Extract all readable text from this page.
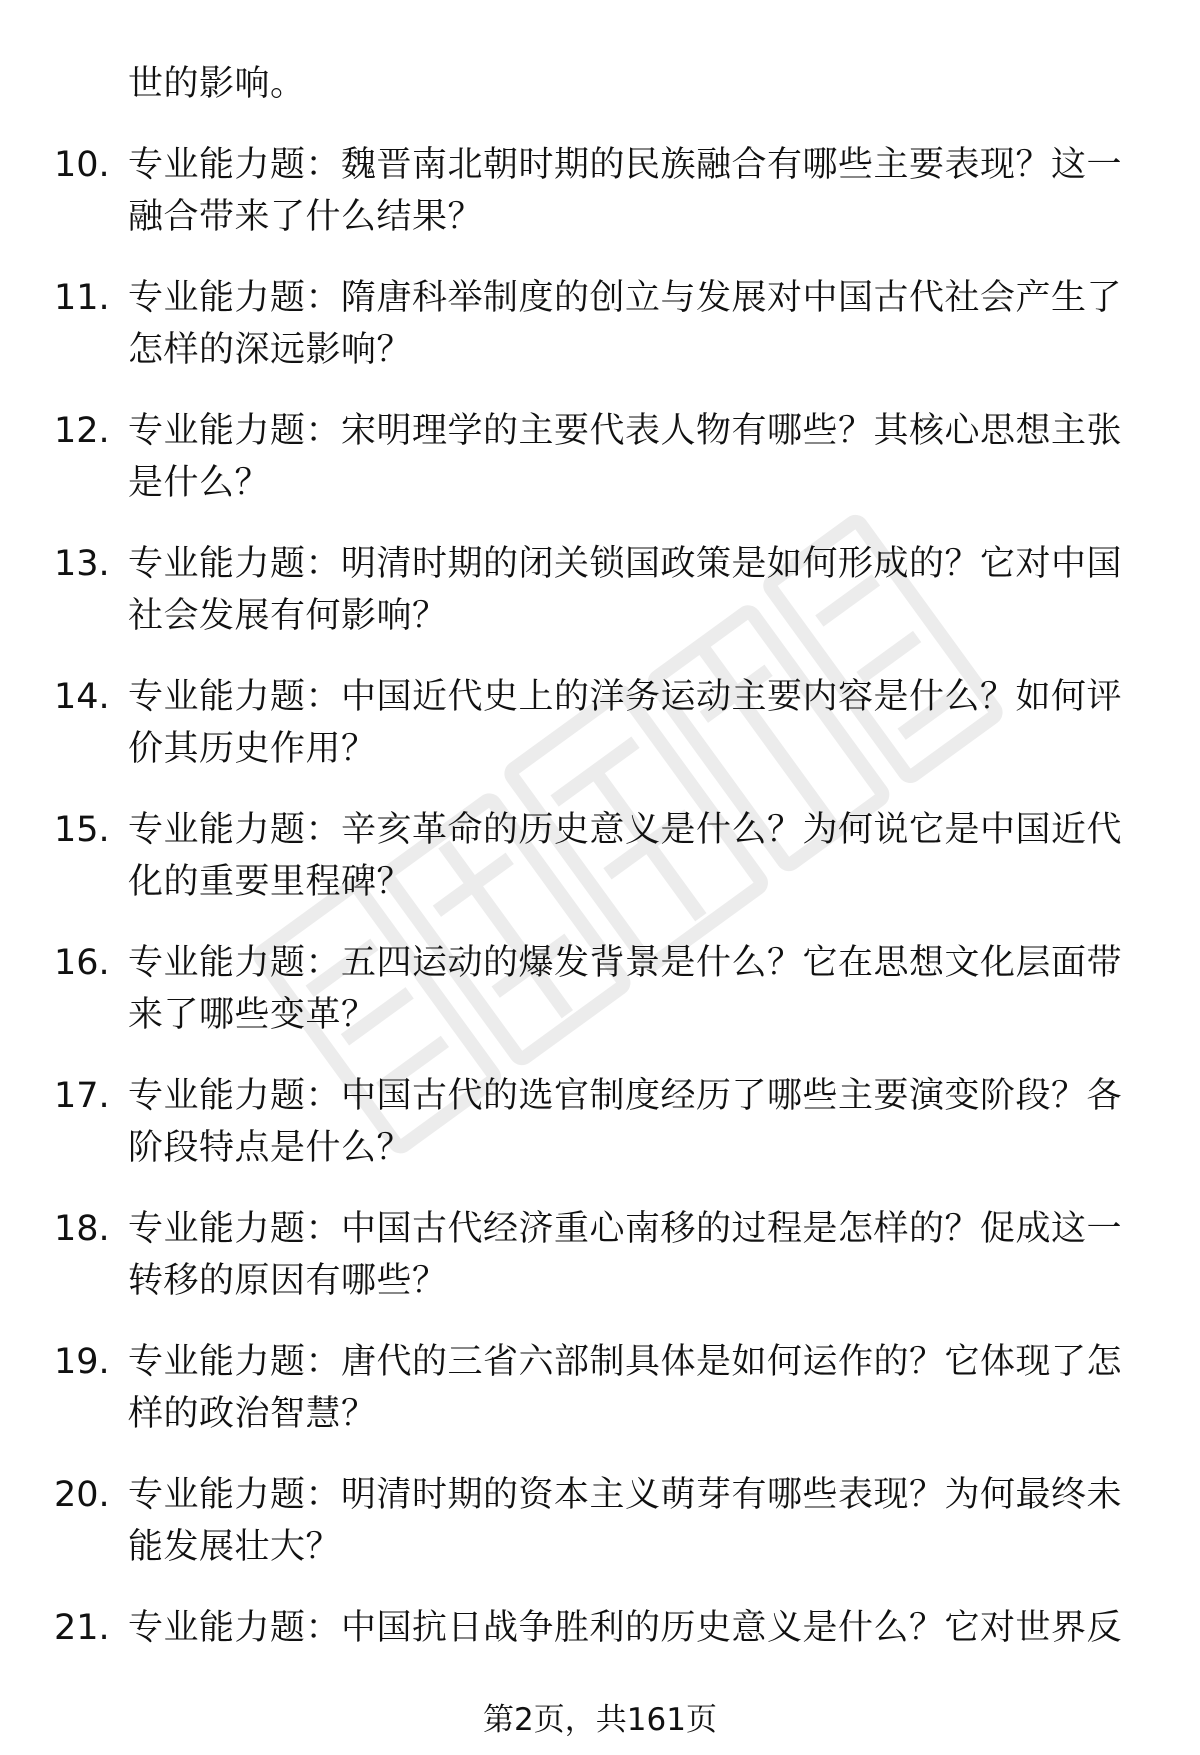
世的影响。
10. 专业能力题：魏晋南北朝时期的民族融合有哪些主要表现？这一
融合带来了什么结果？
11. 专业能力题：隋唐科举制度的创立与发展对中国古代社会产生了
怎样的深远影响？
12. 专业能力题：宋明理学的主要代表人物有哪些？其核心思想主张
是什么？
13. 专业能力题：明清时期的闭关锁国政策是如何形成的？它对中国
社会发展有何影响？
14. 专业能力题：中国近代史上的洋务运动主要内容是什么？如何评
价其历史作用？
15. 专业能力题：辛亥革命的历史意义是什么？为何说它是中国近代
化的重要里程碑？
16. 专业能力题：五四运动的爆发背景是什么？它在思想文化层面带
来了哪些变革？
17. 专业能力题：中国古代的选官制度经历了哪些主要演变阶段？各
阶段特点是什么？
18. 专业能力题：中国古代经济重心南移的过程是怎样的？促成这一
转移的原因有哪些？
19. 专业能力题：唐代的三省六部制具体是如何运作的？它体现了怎
样的政治智慧？
20. 专业能力题：明清时期的资本主义萌芽有哪些表现？为何最终未
能发展壮大？
21. 专业能力题：中国抗日战争胜利的历史意义是什么？它对世界反
第2页，共161页
